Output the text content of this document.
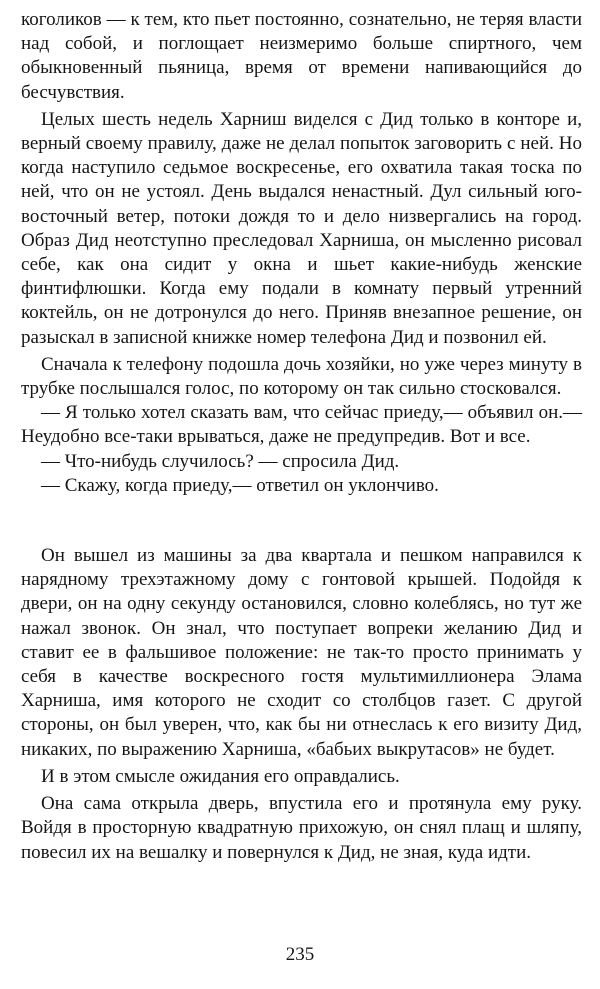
коголиков — к тем, кто пьет постоянно, сознательно, не теряя власти над собой, и поглощает неизмеримо больше спиртного, чем обыкновенный пьяница, время от времени напивающийся до бесчувствия.

Целых шесть недель Харниш виделся с Дид только в конторе и, верный своему правилу, даже не делал попыток заговорить с ней. Но когда наступило седьмое воскресенье, его охватила такая тоска по ней, что он не устоял. День выдался ненастный. Дул сильный юго-восточный ветер, потоки дождя то и дело низвергались на город. Образ Дид неотступно преследовал Харниша, он мысленно рисовал себе, как она сидит у окна и шьет какие-нибудь женские финтифлюшки. Когда ему подали в комнату первый утренний коктейль, он не дотронулся до него. Приняв внезапное решение, он разыскал в записной книжке номер телефона Дид и позвонил ей.

Сначала к телефону подошла дочь хозяйки, но уже через минуту в трубке послышался голос, по которому он так сильно стосковался.

— Я только хотел сказать вам, что сейчас приеду,— объявил он.— Неудобно все-таки врываться, даже не предупредив. Вот и все.

— Что-нибудь случилось? — спросила Дид.

— Скажу, когда приеду,— ответил он уклончиво.

Он вышел из машины за два квартала и пешком направился к нарядному трехэтажному дому с гонтовой крышей. Подойдя к двери, он на одну секунду остановился, словно колеблясь, но тут же нажал звонок. Он знал, что поступает вопреки желанию Дид и ставит ее в фальшивое положение: не так-то просто принимать у себя в качестве воскресного гостя мультимиллионера Элама Харниша, имя которого не сходит со столбцов газет. С другой стороны, он был уверен, что, как бы ни отнеслась к его визиту Дид, никаких, по выражению Харниша, «бабьих выкрутасов» не будет.

И в этом смысле ожидания его оправдались.

Она сама открыла дверь, впустила его и протянула ему руку. Войдя в просторную квадратную прихожую, он снял плащ и шляпу, повесил их на вешалку и повернулся к Дид, не зная, куда идти.

235
